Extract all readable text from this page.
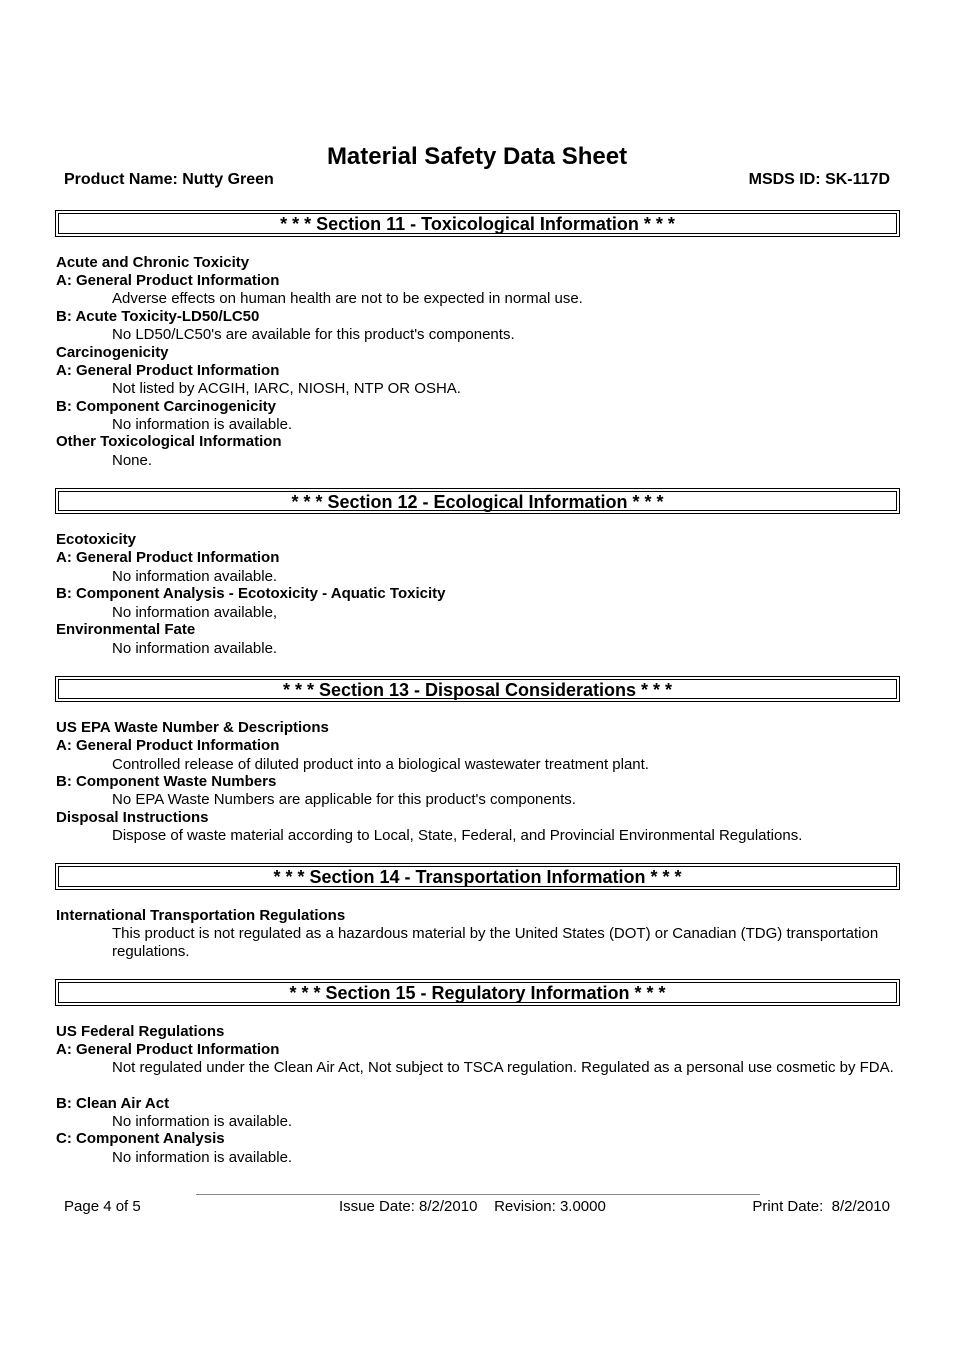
Material Safety Data Sheet
Product Name: Nutty Green	MSDS ID: SK-117D
* * * Section 11 - Toxicological Information * * *
Acute and Chronic Toxicity
A: General Product Information
Adverse effects on human health are not to be expected in normal use.
B: Acute Toxicity-LD50/LC50
No LD50/LC50's are available for this product's components.
Carcinogenicity
A: General Product Information
Not listed by ACGIH, IARC, NIOSH, NTP OR OSHA.
B: Component Carcinogenicity
No information is available.
Other Toxicological Information
None.
* * * Section 12 - Ecological Information * * *
Ecotoxicity
A: General Product Information
No information available.
B: Component Analysis - Ecotoxicity - Aquatic Toxicity
No information available,
Environmental Fate
No information available.
* * * Section 13 - Disposal Considerations * * *
US EPA Waste Number & Descriptions
A: General Product Information
Controlled release of diluted product into a biological wastewater treatment plant.
B: Component Waste Numbers
No EPA Waste Numbers are applicable for this product's components.
Disposal Instructions
Dispose of waste material according to Local, State, Federal, and Provincial Environmental Regulations.
* * * Section 14 - Transportation Information * * *
International Transportation Regulations
This product is not regulated as a hazardous material by the United States (DOT) or Canadian (TDG) transportation regulations.
* * * Section 15 - Regulatory Information * * *
US Federal Regulations
A: General Product Information
Not regulated under the Clean Air Act, Not subject to TSCA regulation. Regulated as a personal use cosmetic by FDA.
B: Clean Air Act
No information is available.
C: Component Analysis
No information is available.
Page 4 of 5	Issue Date: 8/2/2010    Revision: 3.0000	Print Date:  8/2/2010
